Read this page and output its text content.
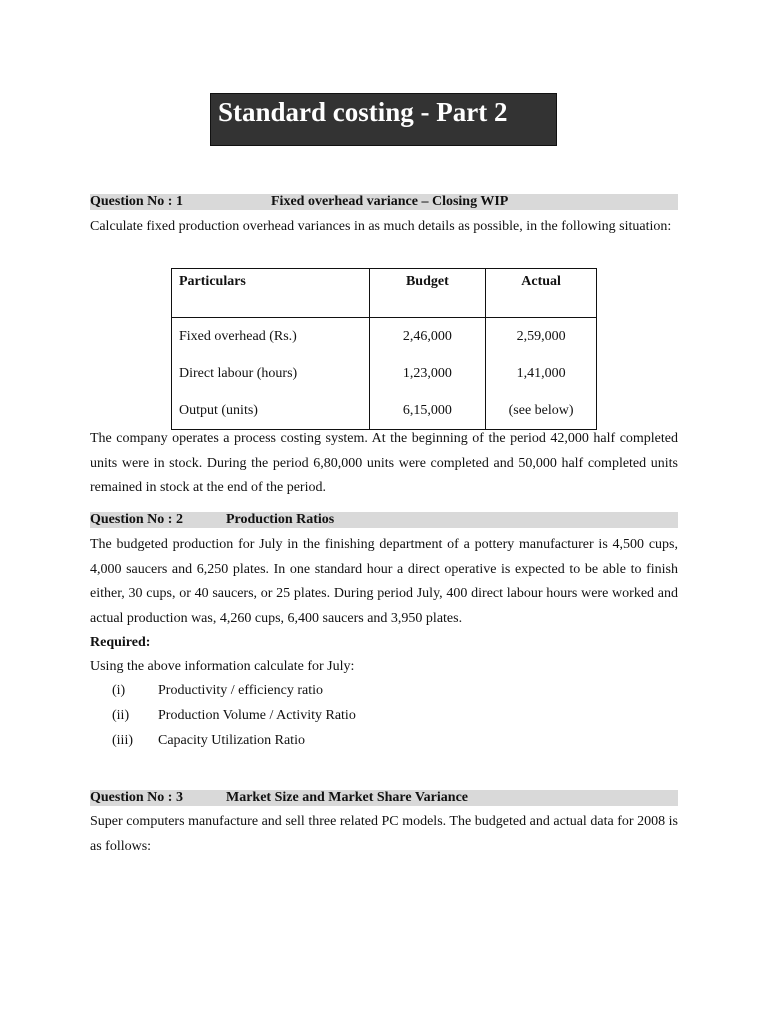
Standard costing - Part 2
Question No : 1	Fixed overhead variance – Closing WIP

Calculate fixed production overhead variances in as much details as possible, in the following situation:

Particulars	Budget	Actual
Fixed overhead (Rs.)	2,46,000	2,59,000
Direct labour (hours)	1,23,000	1,41,000
Output (units)	6,15,000	(see below)

The company operates a process costing system. At the beginning of the period 42,000 half completed units were in stock. During the period 6,80,000 units were completed and 50,000 half completed units remained in stock at the end of the period.

Question No : 2	Production Ratios

The budgeted production for July in the finishing department of a pottery manufacturer is 4,500 cups, 4,000 saucers and 6,250 plates. In one standard hour a direct operative is expected to be able to finish either, 30 cups, or 40 saucers, or 25 plates. During period July, 400 direct labour hours were worked and actual production was, 4,260 cups, 6,400 saucers and 3,950 plates.

Required:

Using the above information calculate for July:

(i)	Productivity / efficiency ratio
(ii)	Production Volume / Activity Ratio
(iii)	Capacity Utilization Ratio
Question No : 3	Market Size and Market Share Variance

Super computers manufacture and sell three related PC models. The budgeted and actual data for 2008 is as follows:
